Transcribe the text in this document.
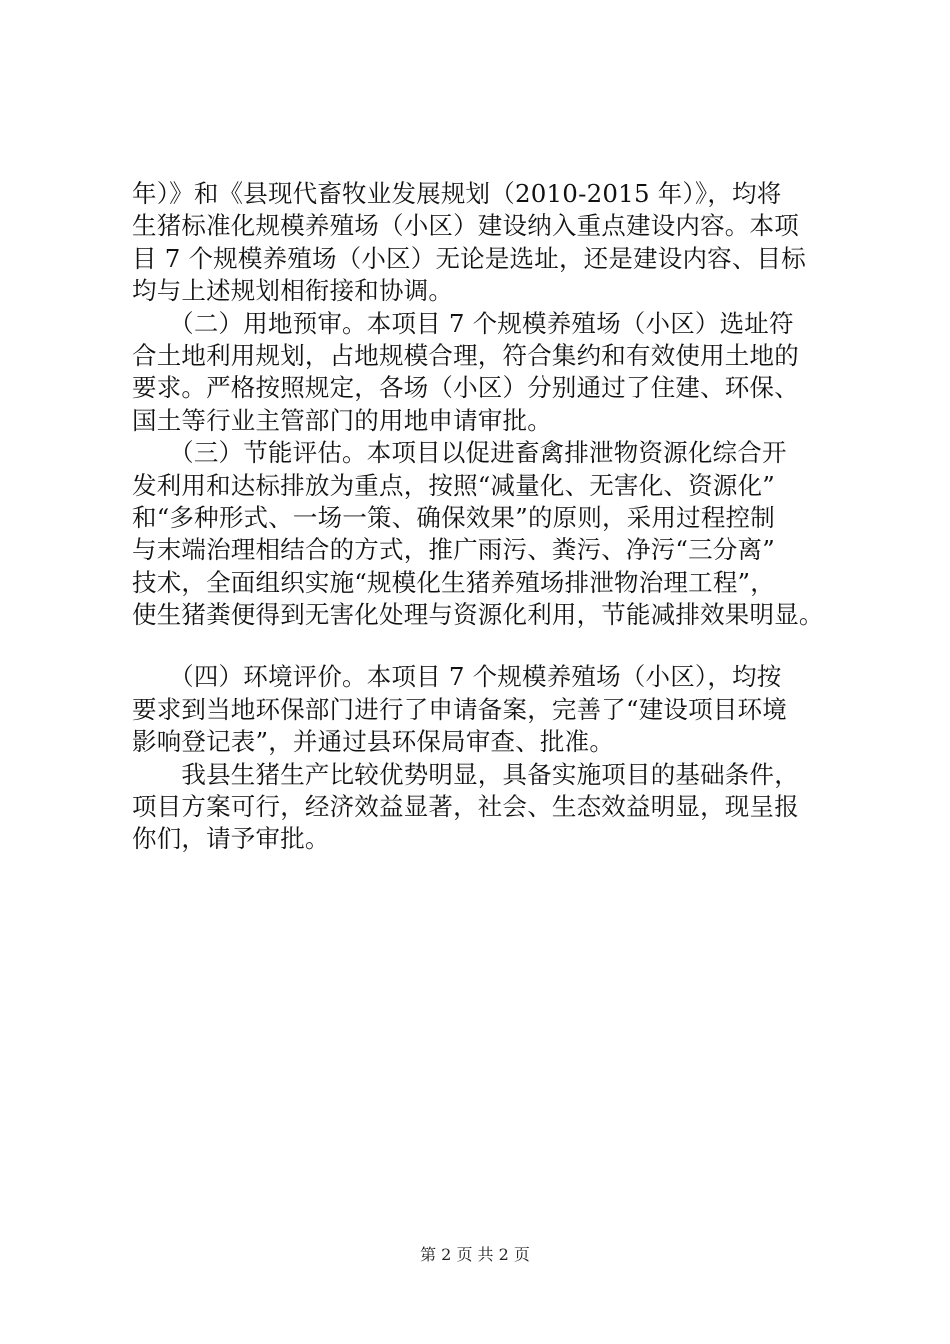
年）》和《县现代畜牧业发展规划（2010-2015 年）》，均将
生猪标准化规模养殖场（小区）建设纳入重点建设内容。本项
目 7 个规模养殖场（小区）无论是选址，还是建设内容、目标
均与上述规划相衔接和协调。
　　（二）用地预审。本项目 7 个规模养殖场（小区）选址符
合土地利用规划，占地规模合理，符合集约和有效使用土地的
要求。严格按照规定，各场（小区）分别通过了住建、环保、
国土等行业主管部门的用地申请审批。
　　（三）节能评估。本项目以促进畜禽排泄物资源化综合开
发利用和达标排放为重点，按照“减量化、无害化、资源化”
和“多种形式、一场一策、确保效果”的原则，采用过程控制
与末端治理相结合的方式，推广雨污、粪污、净污“三分离”
技术，全面组织实施“规模化生猪养殖场排泄物治理工程”，
使生猪粪便得到无害化处理与资源化利用，节能减排效果明显。
　　（四）环境评价。本项目 7 个规模养殖场（小区），均按
要求到当地环保部门进行了申请备案，完善了“建设项目环境
影响登记表”，并通过县环保局审查、批准。
　　我县生猪生产比较优势明显，具备实施项目的基础条件，
项目方案可行，经济效益显著，社会、生态效益明显，现呈报
你们，请予审批。
第 2 页 共 2 页
